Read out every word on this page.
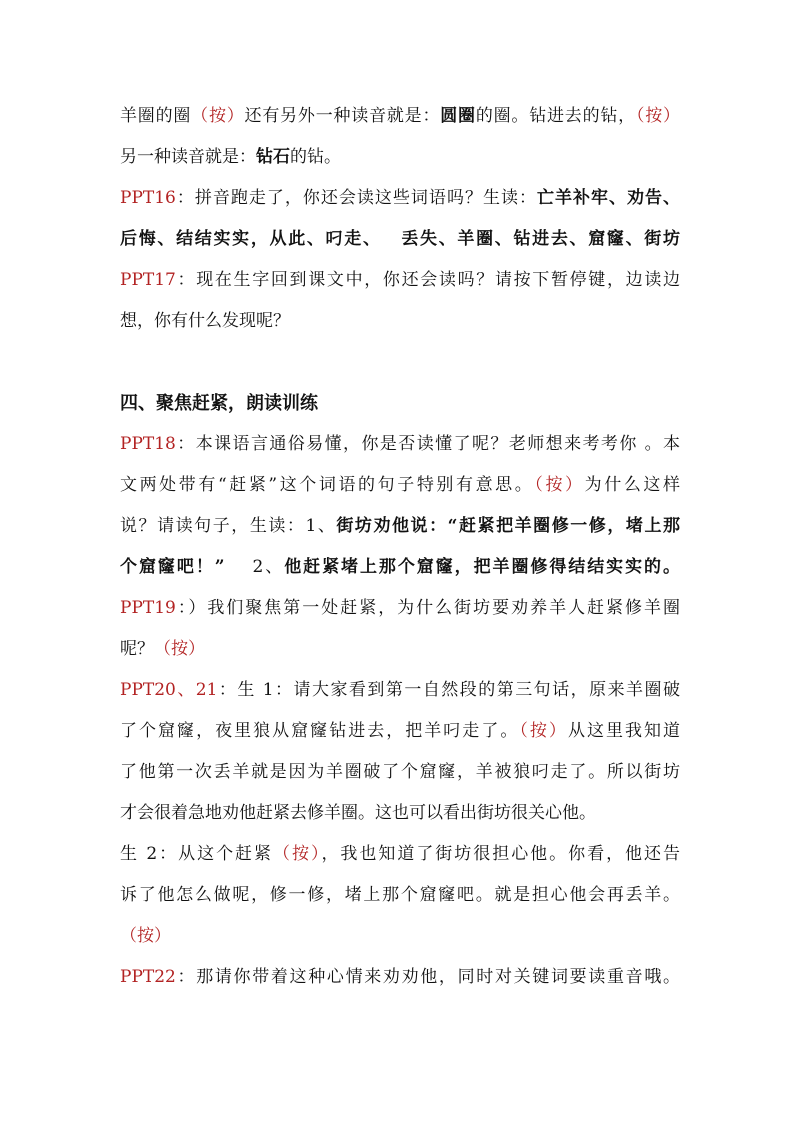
羊圈的圈（按）还有另外一种读音就是：圆圈的圈。钻进去的钻，（按）
另一种读音就是：钻石的钻。
PPT16：拼音跑走了，你还会读这些词语吗？生读：亡羊补牢、劝告、
后悔、结结实实，从此、叼走、 丢失、羊圈、钻进去、窟窿、街坊
PPT17：现在生字回到课文中，你还会读吗？请按下暂停键，边读边
想，你有什么发现呢？
四、聚焦赶紧，朗读训练
PPT18：本课语言通俗易懂，你是否读懂了呢？老师想来考考你 。本
文两处带有“赶紧”这个词语的句子特别有意思。（按）为什么这样
说？请读句子，生读：1、街坊劝他说：“赶紧把羊圈修一修，堵上那
个窟窿吧！” 2、他赶紧堵上那个窟窿，把羊圈修得结结实实的。
PPT19：）我们聚焦第一处赶紧，为什么街坊要劝养羊人赶紧修羊圈
呢？（按）
PPT20、21：生 1：请大家看到第一自然段的第三句话，原来羊圈破
了个窟窿，夜里狼从窟窿钻进去，把羊叼走了。（按）从这里我知道
了他第一次丢羊就是因为羊圈破了个窟窿，羊被狼叼走了。所以街坊
才会很着急地劝他赶紧去修羊圈。这也可以看出街坊很关心他。
生 2：从这个赶紧（按），我也知道了街坊很担心他。你看，他还告
诉了他怎么做呢，修一修，堵上那个窟窿吧。就是担心他会再丢羊。
（按）
PPT22：那请你带着这种心情来劝劝他，同时对关键词要读重音哦。
